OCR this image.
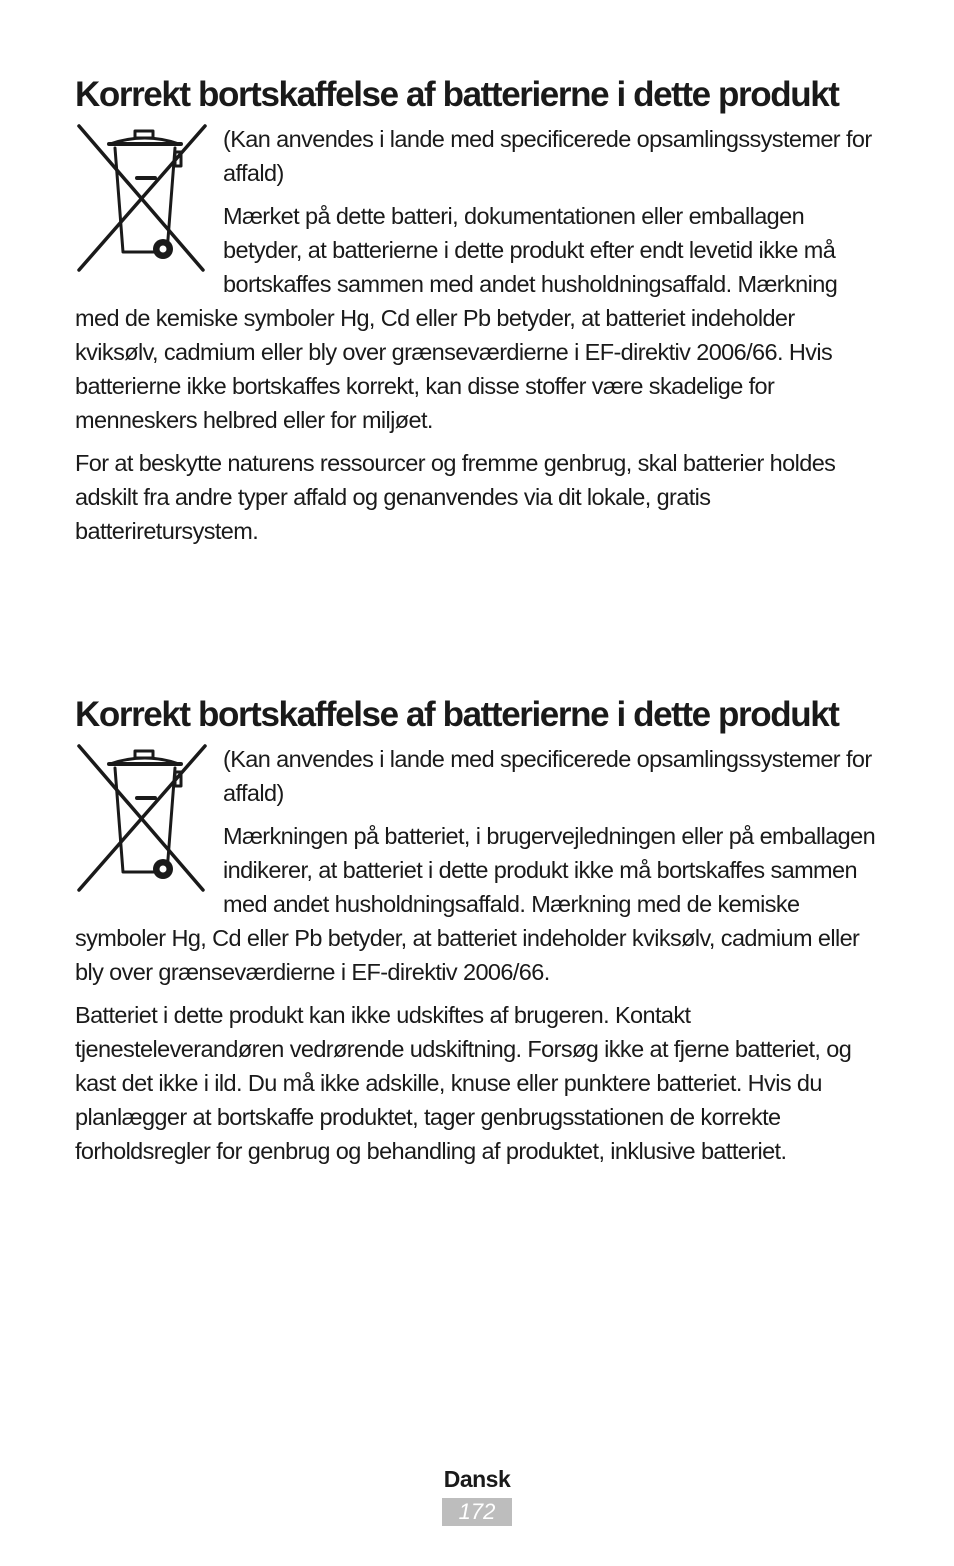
Korrekt bortskaffelse af batterierne i dette produkt

(Kan anvendes i lande med specificerede opsamlingssystemer for affald)

Mærket på dette batteri, dokumentationen eller emballagen betyder, at batterierne i dette produkt efter endt levetid ikke må bortskaffes sammen med andet husholdningsaffald. Mærkning med de kemiske symboler Hg, Cd eller Pb betyder, at batteriet indeholder kviksølv, cadmium eller bly over grænseværdierne i EF-direktiv 2006/66. Hvis batterierne ikke bortskaffes korrekt, kan disse stoffer være skadelige for menneskers helbred eller for miljøet.

For at beskytte naturens ressourcer og fremme genbrug, skal batterier holdes adskilt fra andre typer affald og genanvendes via dit lokale, gratis batteriretursystem.

Korrekt bortskaffelse af batterierne i dette produkt

(Kan anvendes i lande med specificerede opsamlingssystemer for affald)

Mærkningen på batteriet, i brugervejledningen eller på emballagen indikerer, at batteriet i dette produkt ikke må bortskaffes sammen med andet husholdningsaffald. Mærkning med de kemiske symboler Hg, Cd eller Pb betyder, at batteriet indeholder kviksølv, cadmium eller bly over grænseværdierne i EF-direktiv 2006/66.

Batteriet i dette produkt kan ikke udskiftes af brugeren. Kontakt tjenesteleverandøren vedrørende udskiftning. Forsøg ikke at fjerne batteriet, og kast det ikke i ild. Du må ikke adskille, knuse eller punktere batteriet. Hvis du planlægger at bortskaffe produktet, tager genbrugsstationen de korrekte forholdsregler for genbrug og behandling af produktet, inklusive batteriet.

Dansk
172
